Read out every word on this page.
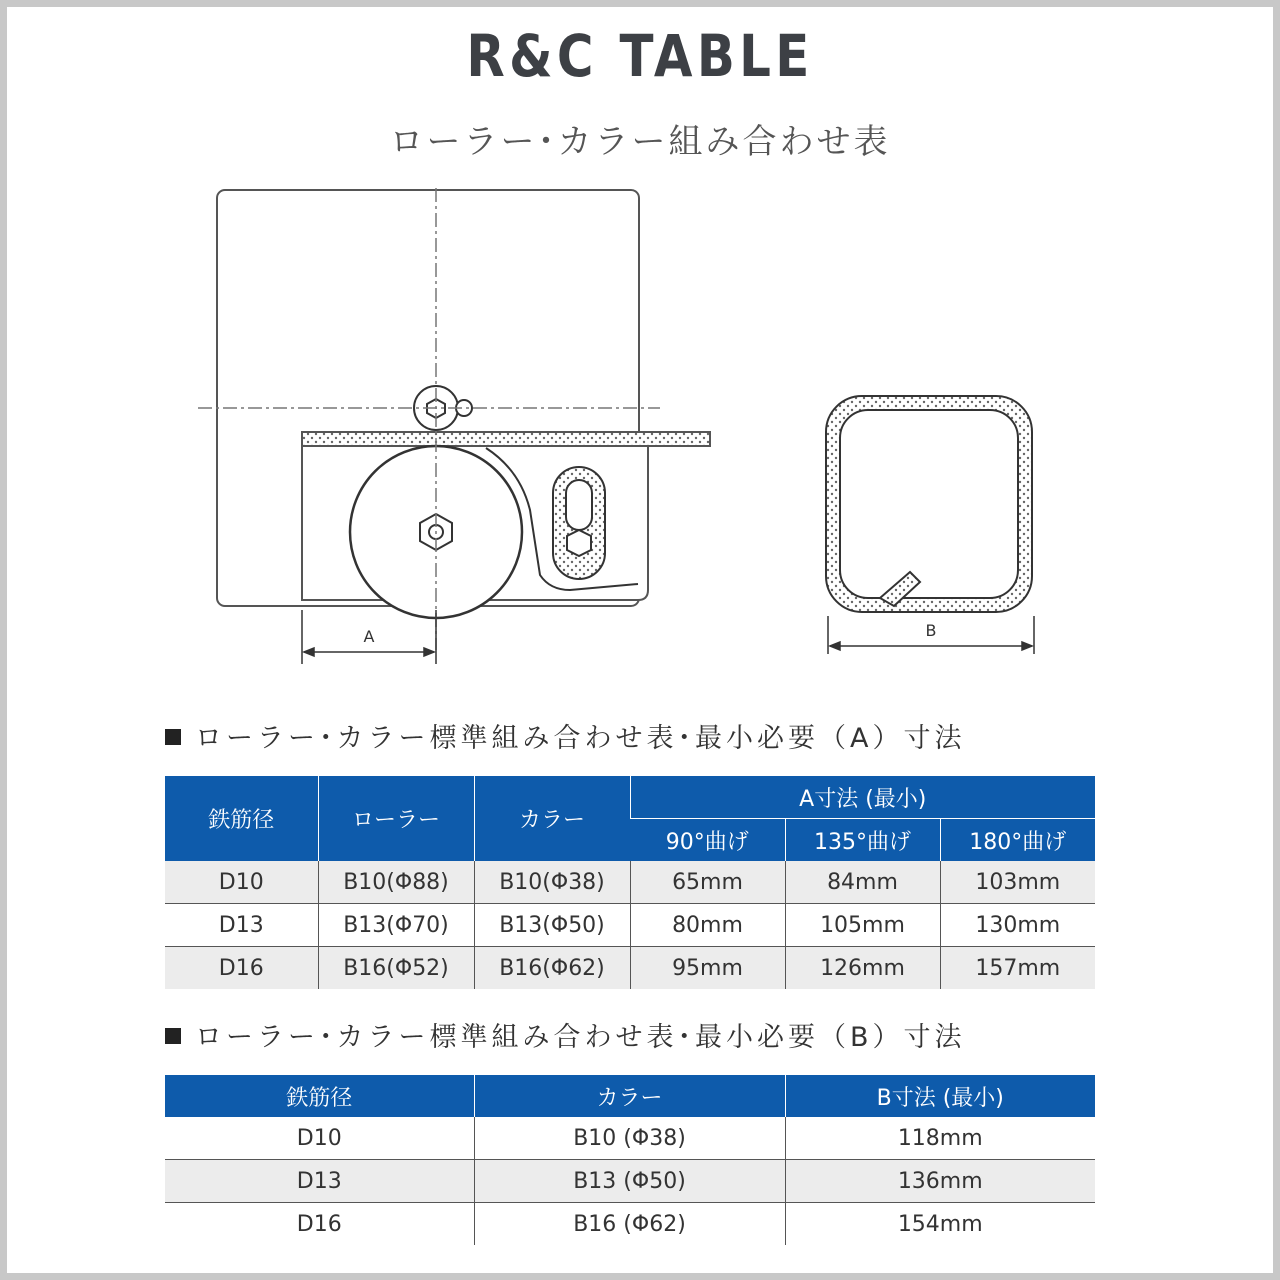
R&C TABLE
ローラー･カラー組み合わせ表
A	B
ローラー･カラー標準組み合わせ表･最小必要（A）寸法
鉄筋径	ローラー	カラー	A寸法 (最小)		
			90°曲げ	135°曲げ	180°曲げ
D10	B10(Φ88)	B10(Φ38)	65mm	84mm	103mm
D13	B13(Φ70)	B13(Φ50)	80mm	105mm	130mm
D16	B16(Φ52)	B16(Φ62)	95mm	126mm	157mm
ローラー･カラー標準組み合わせ表･最小必要（B）寸法
鉄筋径	カラー	B寸法 (最小)
D10	B10 (Φ38)	118mm
D13	B13 (Φ50)	136mm
D16	B16 (Φ62)	154mm
